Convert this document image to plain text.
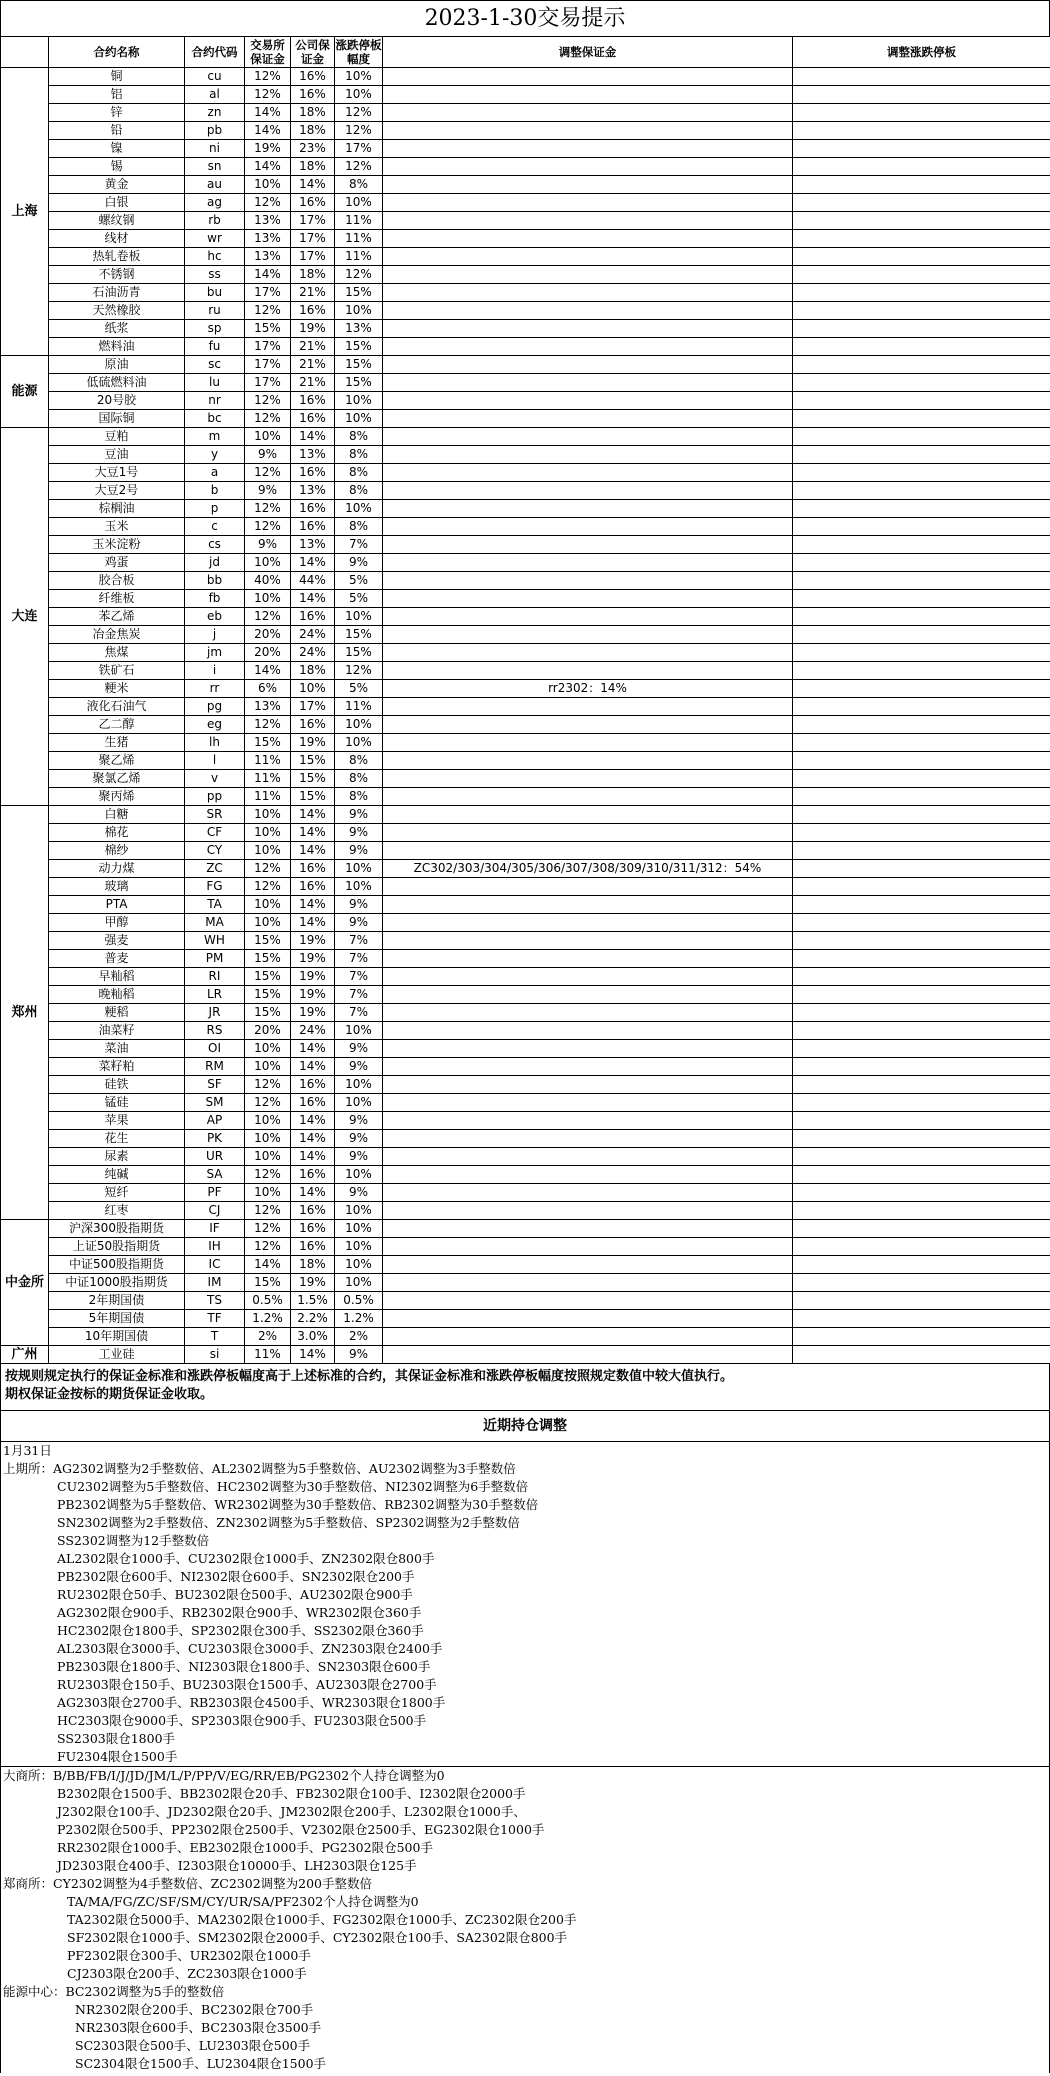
2023-1-30交易提示
	合约名称	合约代码	交易所保证金	公司保证金	涨跌停板幅度	调整保证金	调整涨跌停板
上海	铜	cu	12%	16%	10%		
	铝	al	12%	16%	10%		
	锌	zn	14%	18%	12%		
	铅	pb	14%	18%	12%		
	镍	ni	19%	23%	17%		
	锡	sn	14%	18%	12%		
	黄金	au	10%	14%	8%		
	白银	ag	12%	16%	10%		
	螺纹钢	rb	13%	17%	11%		
	线材	wr	13%	17%	11%		
	热轧卷板	hc	13%	17%	11%		
	不锈钢	ss	14%	18%	12%		
	石油沥青	bu	17%	21%	15%		
	天然橡胶	ru	12%	16%	10%		
	纸浆	sp	15%	19%	13%		
	燃料油	fu	17%	21%	15%		
能源	原油	sc	17%	21%	15%		
	低硫燃料油	lu	17%	21%	15%		
	20号胶	nr	12%	16%	10%		
	国际铜	bc	12%	16%	10%		
大连	豆粕	m	10%	14%	8%		
	豆油	y	9%	13%	8%		
	大豆1号	a	12%	16%	8%		
	大豆2号	b	9%	13%	8%		
	棕榈油	p	12%	16%	10%		
	玉米	c	12%	16%	8%		
	玉米淀粉	cs	9%	13%	7%		
	鸡蛋	jd	10%	14%	9%		
	胶合板	bb	40%	44%	5%		
	纤维板	fb	10%	14%	5%		
	苯乙烯	eb	12%	16%	10%		
	冶金焦炭	j	20%	24%	15%		
	焦煤	jm	20%	24%	15%		
	铁矿石	i	14%	18%	12%		
	粳米	rr	6%	10%	5%	rr2302：14%	
	液化石油气	pg	13%	17%	11%		
	乙二醇	eg	12%	16%	10%		
	生猪	lh	15%	19%	10%		
	聚乙烯	l	11%	15%	8%		
	聚氯乙烯	v	11%	15%	8%		
	聚丙烯	pp	11%	15%	8%		
郑州	白糖	SR	10%	14%	9%		
	棉花	CF	10%	14%	9%		
	棉纱	CY	10%	14%	9%		
	动力煤	ZC	12%	16%	10%	ZC302/303/304/305/306/307/308/309/310/311/312：54%	
	玻璃	FG	12%	16%	10%		
	PTA	TA	10%	14%	9%		
	甲醇	MA	10%	14%	9%		
	强麦	WH	15%	19%	7%		
	普麦	PM	15%	19%	7%		
	早籼稻	RI	15%	19%	7%		
	晚籼稻	LR	15%	19%	7%		
	粳稻	JR	15%	19%	7%		
	油菜籽	RS	20%	24%	10%		
	菜油	OI	10%	14%	9%		
	菜籽粕	RM	10%	14%	9%		
	硅铁	SF	12%	16%	10%		
	锰硅	SM	12%	16%	10%		
	苹果	AP	10%	14%	9%		
	花生	PK	10%	14%	9%		
	尿素	UR	10%	14%	9%		
	纯碱	SA	12%	16%	10%		
	短纤	PF	10%	14%	9%		
	红枣	CJ	12%	16%	10%		
中金所	沪深300股指期货	IF	12%	16%	10%		
	上证50股指期货	IH	12%	16%	10%		
	中证500股指期货	IC	14%	18%	10%		
	中证1000股指期货	IM	15%	19%	10%		
	2年期国债	TS	0.5%	1.5%	0.5%		
	5年期国债	TF	1.2%	2.2%	1.2%		
	10年期国债	T	2%	3.0%	2%		
广州	工业硅	si	11%	14%	9%		
按规则规定执行的保证金标准和涨跌停板幅度高于上述标准的合约，其保证金标准和涨跌停板幅度按照规定数值中较大值执行。
期权保证金按标的期货保证金收取。
近期持仓调整
1月31日
上期所：AG2302调整为2手整数倍、AL2302调整为5手整数倍、AU2302调整为3手整数倍
CU2302调整为5手整数倍、HC2302调整为30手整数倍、NI2302调整为6手整数倍
PB2302调整为5手整数倍、WR2302调整为30手整数倍、RB2302调整为30手整数倍
SN2302调整为2手整数倍、ZN2302调整为5手整数倍、SP2302调整为2手整数倍
SS2302调整为12手整数倍
AL2302限仓1000手、CU2302限仓1000手、ZN2302限仓800手
PB2302限仓600手、NI2302限仓600手、SN2302限仓200手
RU2302限仓50手、BU2302限仓500手、AU2302限仓900手
AG2302限仓900手、RB2302限仓900手、WR2302限仓360手
HC2302限仓1800手、SP2302限仓300手、SS2302限仓360手
AL2303限仓3000手、CU2303限仓3000手、ZN2303限仓2400手
PB2303限仓1800手、NI2303限仓1800手、SN2303限仓600手
RU2303限仓150手、BU2303限仓1500手、AU2303限仓2700手
AG2303限仓2700手、RB2303限仓4500手、WR2303限仓1800手
HC2303限仓9000手、SP2303限仓900手、FU2303限仓500手
SS2303限仓1800手
FU2304限仓1500手
大商所：B/BB/FB/I/J/JD/JM/L/P/PP/V/EG/RR/EB/PG2302个人持仓调整为0
B2302限仓1500手、BB2302限仓20手、FB2302限仓100手、I2302限仓2000手
J2302限仓100手、JD2302限仓20手、JM2302限仓200手、L2302限仓1000手、
P2302限仓500手、PP2302限仓2500手、V2302限仓2500手、EG2302限仓1000手
RR2302限仓1000手、EB2302限仓1000手、PG2302限仓500手
JD2303限仓400手、I2303限仓10000手、LH2303限仓125手
郑商所：CY2302调整为4手整数倍、ZC2302调整为200手整数倍
TA/MA/FG/ZC/SF/SM/CY/UR/SA/PF2302个人持仓调整为0
TA2302限仓5000手、MA2302限仓1000手、FG2302限仓1000手、ZC2302限仓200手
SF2302限仓1000手、SM2302限仓2000手、CY2302限仓100手、SA2302限仓800手
PF2302限仓300手、UR2302限仓1000手
CJ2303限仓200手、ZC2303限仓1000手
能源中心：BC2302调整为5手的整数倍
NR2302限仓200手、BC2302限仓700手
NR2303限仓600手、BC2303限仓3500手
SC2303限仓500手、LU2303限仓500手
SC2304限仓1500手、LU2304限仓1500手
